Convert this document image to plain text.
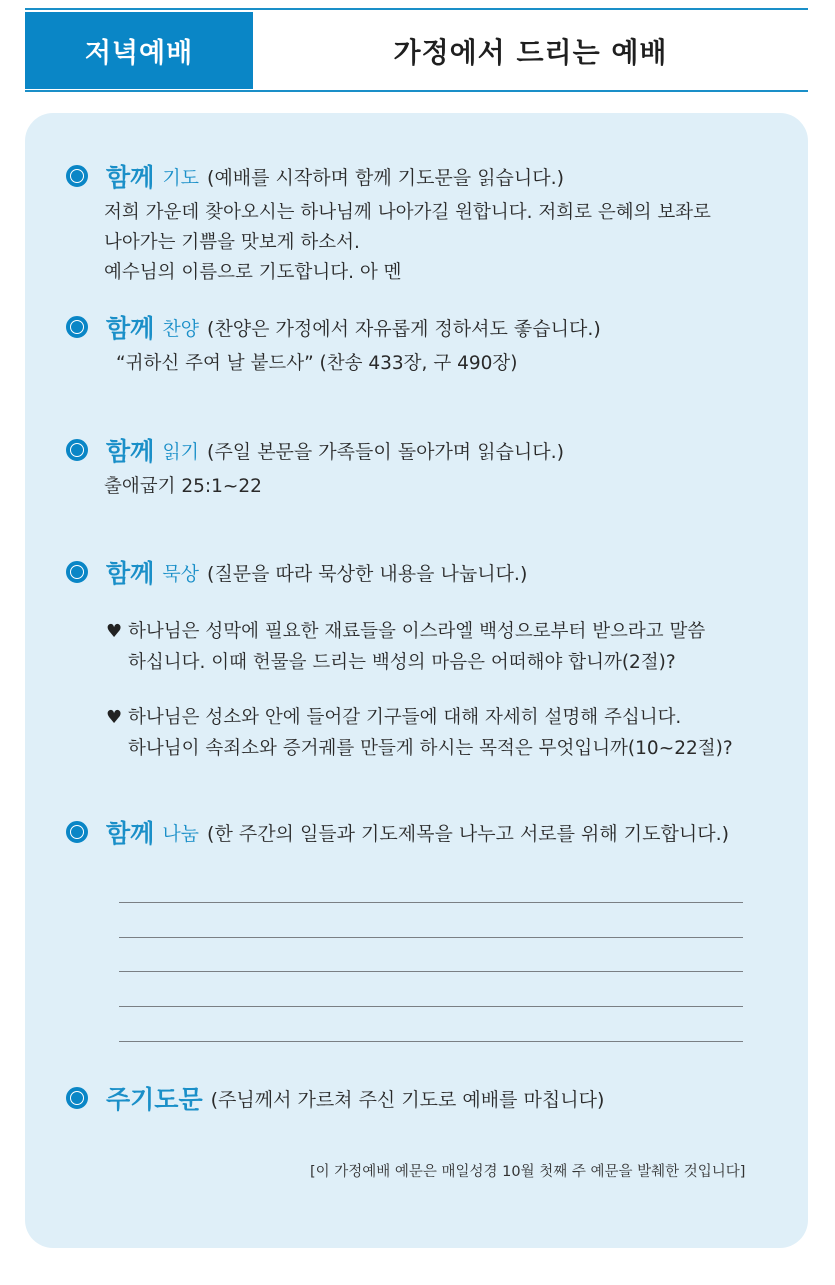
저녁예배	가정에서 드리는 예배
함께 기도 (예배를 시작하며 함께 기도문을 읽습니다.)
저희 가운데 찾아오시는 하나님께 나아가길 원합니다. 저희로 은혜의 보좌로
나아가는 기쁨을 맛보게 하소서.
예수님의 이름으로 기도합니다. 아 멘
함께 찬양 (찬양은 가정에서 자유롭게 정하셔도 좋습니다.)
“귀하신 주여 날 붙드사” (찬송 433장, 구 490장)
함께 읽기 (주일 본문을 가족들이 돌아가며 읽습니다.)
출애굽기 25:1~22
함께 묵상 (질문을 따라 묵상한 내용을 나눕니다.)
♥ 하나님은 성막에 필요한 재료들을 이스라엘 백성으로부터 받으라고 말씀
하십니다. 이때 헌물을 드리는 백성의 마음은 어떠해야 합니까(2절)?
♥ 하나님은 성소와 안에 들어갈 기구들에 대해 자세히 설명해 주십니다.
하나님이 속죄소와 증거궤를 만들게 하시는 목적은 무엇입니까(10~22절)?
함께 나눔 (한 주간의 일들과 기도제목을 나누고 서로를 위해 기도합니다.)
주기도문 (주님께서 가르쳐 주신 기도로 예배를 마칩니다)
[이 가정예배 예문은 매일성경 10월 첫째 주 예문을 발췌한 것입니다]
